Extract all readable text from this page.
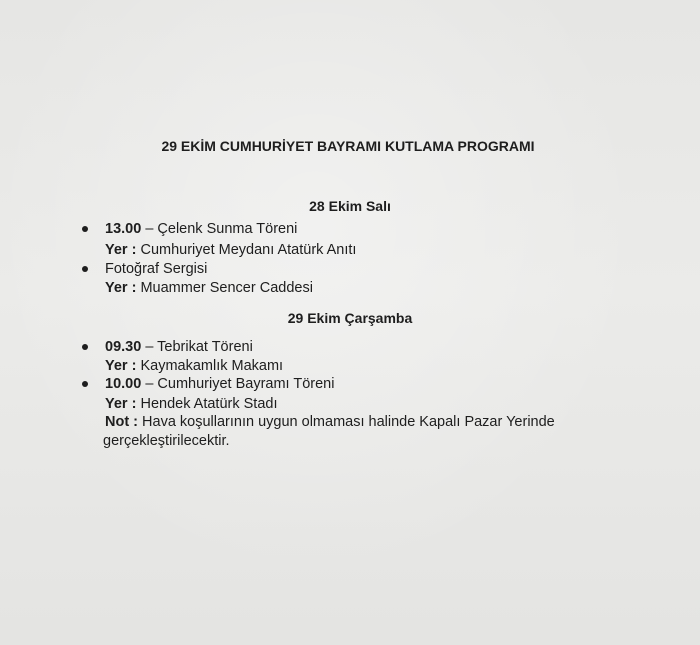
29 EKİM CUMHURİYET BAYRAMI KUTLAMA PROGRAMI
28 Ekim Salı
13.00 – Çelenk Sunma Töreni
Yer : Cumhuriyet Meydanı Atatürk Anıtı
Fotoğraf Sergisi
Yer : Muammer Sencer Caddesi
29 Ekim Çarşamba
09.30 – Tebrikat Töreni
Yer : Kaymakamlık Makamı
10.00 – Cumhuriyet Bayramı Töreni
Yer : Hendek Atatürk Stadı
Not : Hava koşullarının uygun olmaması halinde Kapalı Pazar Yerinde
gerçekleştirilecektir.
